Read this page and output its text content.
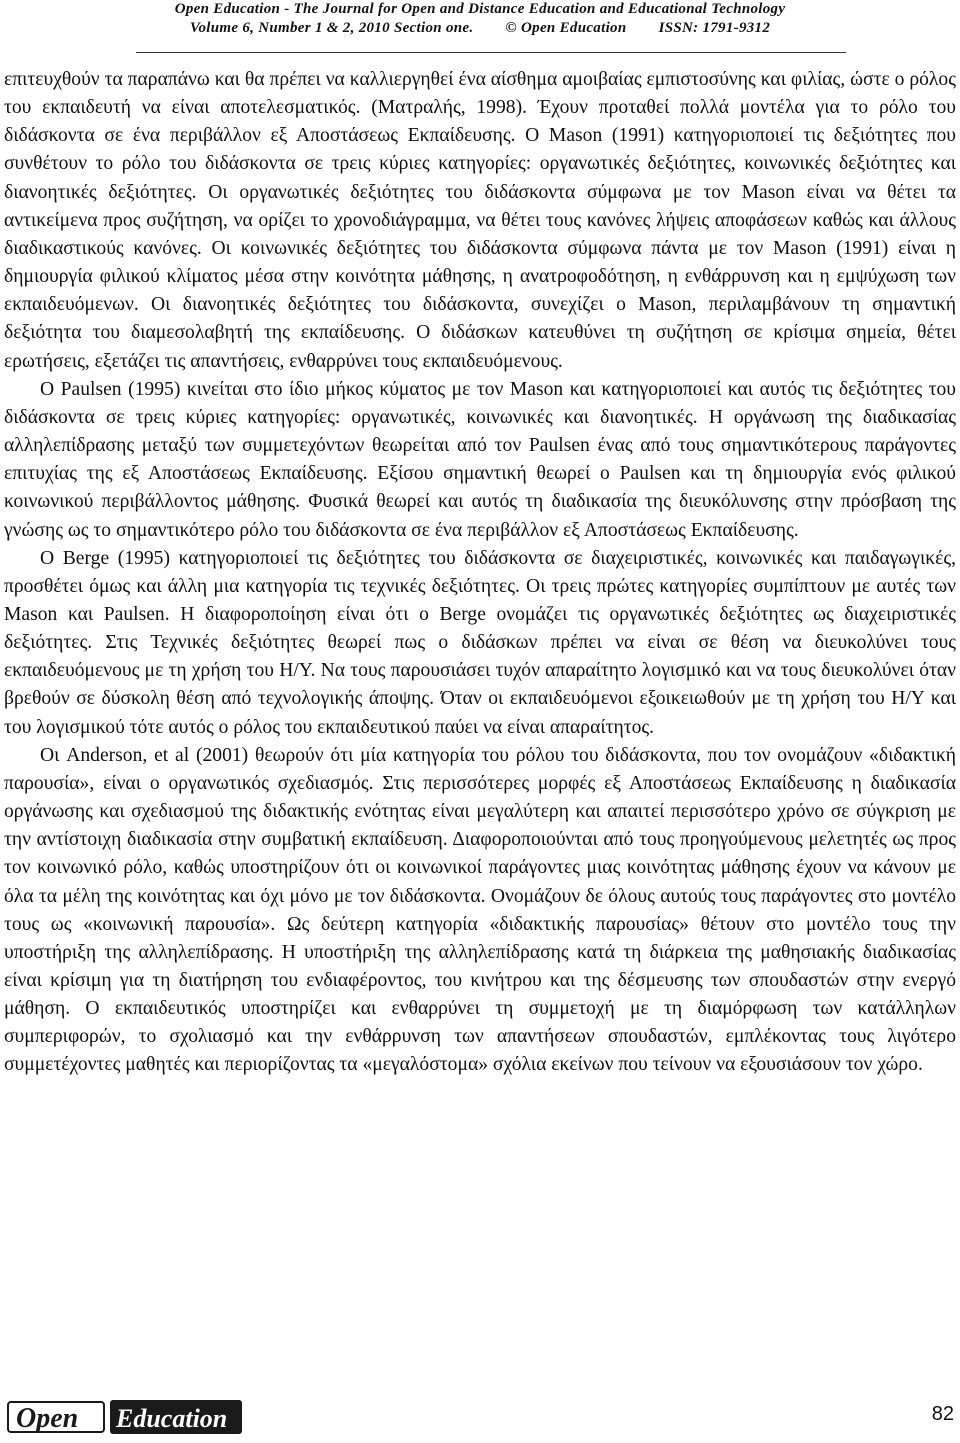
Open Education - The Journal for Open and Distance Education and Educational Technology
Volume 6, Number 1 & 2, 2010 Section one. © Open Education ISSN: 1791-9312

επιτευχθούν τα παραπάνω και θα πρέπει να καλλιεργηθεί ένα αίσθημα αμοιβαίας εμπιστοσύνης και φιλίας, ώστε ο ρόλος του εκπαιδευτή να είναι αποτελεσματικός. (Ματραλής, 1998). Έχουν προταθεί πολλά μοντέλα για το ρόλο του διδάσκοντα σε ένα περιβάλλον εξ Αποστάσεως Εκπαίδευσης. Ο Mason (1991) κατηγοριοποιεί τις δεξιότητες που συνθέτουν το ρόλο του διδάσκοντα σε τρεις κύριες κατηγορίες: οργανωτικές δεξιότητες, κοινωνικές δεξιότητες και διανοητικές δεξιότητες. Οι οργανωτικές δεξιότητες του διδάσκοντα σύμφωνα με τον Mason είναι να θέτει τα αντικείμενα προς συζήτηση, να ορίζει το χρονοδιάγραμμα, να θέτει τους κανόνες λήψεις αποφάσεων καθώς και άλλους διαδικαστικούς κανόνες. Οι κοινωνικές δεξιότητες του διδάσκοντα σύμφωνα πάντα με τον Mason (1991) είναι η δημιουργία φιλικού κλίματος μέσα στην κοινότητα μάθησης, η ανατροφοδότηση, η ενθάρρυνση και η εμψύχωση των εκπαιδευόμενων. Οι διανοητικές δεξιότητες του διδάσκοντα, συνεχίζει ο Mason, περιλαμβάνουν τη σημαντική δεξιότητα του διαμεσολαβητή της εκπαίδευσης. Ο διδάσκων κατευθύνει τη συζήτηση σε κρίσιμα σημεία, θέτει ερωτήσεις, εξετάζει τις απαντήσεις, ενθαρρύνει τους εκπαιδευόμενους.

Ο Paulsen (1995) κινείται στο ίδιο μήκος κύματος με τον Mason και κατηγοριοποιεί και αυτός τις δεξιότητες του διδάσκοντα σε τρεις κύριες κατηγορίες: οργανωτικές, κοινωνικές και διανοητικές. Η οργάνωση της διαδικασίας αλληλεπίδρασης μεταξύ των συμμετεχόντων θεωρείται από τον Paulsen ένας από τους σημαντικότερους παράγοντες επιτυχίας της εξ Αποστάσεως Εκπαίδευσης. Εξίσου σημαντική θεωρεί ο Paulsen και τη δημιουργία ενός φιλικού κοινωνικού περιβάλλοντος μάθησης. Φυσικά θεωρεί και αυτός τη διαδικασία της διευκόλυνσης στην πρόσβαση της γνώσης ως το σημαντικότερο ρόλο του διδάσκοντα σε ένα περιβάλλον εξ Αποστάσεως Εκπαίδευσης.

Ο Berge (1995) κατηγοριοποιεί τις δεξιότητες του διδάσκοντα σε διαχειριστικές, κοινωνικές και παιδαγωγικές, προσθέτει όμως και άλλη μια κατηγορία τις τεχνικές δεξιότητες. Οι τρεις πρώτες κατηγορίες συμπίπτουν με αυτές των Mason και Paulsen. Η διαφοροποίηση είναι ότι ο Berge ονομάζει τις οργανωτικές δεξιότητες ως διαχειριστικές δεξιότητες. Στις Τεχνικές δεξιότητες θεωρεί πως ο διδάσκων πρέπει να είναι σε θέση να διευκολύνει τους εκπαιδευόμενους με τη χρήση του Η/Υ. Να τους παρουσιάσει τυχόν απαραίτητο λογισμικό και να τους διευκολύνει όταν βρεθούν σε δύσκολη θέση από τεχνολογικής άποψης. Όταν οι εκπαιδευόμενοι εξοικειωθούν με τη χρήση του Η/Υ και του λογισμικού τότε αυτός ο ρόλος του εκπαιδευτικού παύει να είναι απαραίτητος.

Οι Anderson, et al (2001) θεωρούν ότι μία κατηγορία του ρόλου του διδάσκοντα, που τον ονομάζουν «διδακτική παρουσία», είναι ο οργανωτικός σχεδιασμός. Στις περισσότερες μορφές εξ Αποστάσεως Εκπαίδευσης η διαδικασία οργάνωσης και σχεδιασμού της διδακτικής ενότητας είναι μεγαλύτερη και απαιτεί περισσότερο χρόνο σε σύγκριση με την αντίστοιχη διαδικασία στην συμβατική εκπαίδευση. Διαφοροποιούνται από τους προηγούμενους μελετητές ως προς τον κοινωνικό ρόλο, καθώς υποστηρίζουν ότι οι κοινωνικοί παράγοντες μιας κοινότητας μάθησης έχουν να κάνουν με όλα τα μέλη της κοινότητας και όχι μόνο με τον διδάσκοντα. Ονομάζουν δε όλους αυτούς τους παράγοντες στο μοντέλο τους ως «κοινωνική παρουσία». Ως δεύτερη κατηγορία «διδακτικής παρουσίας» θέτουν στο μοντέλο τους την υποστήριξη της αλληλεπίδρασης. Η υποστήριξη της αλληλεπίδρασης κατά τη διάρκεια της μαθησιακής διαδικασίας είναι κρίσιμη για τη διατήρηση του ενδιαφέροντος, του κινήτρου και της δέσμευσης των σπουδαστών στην ενεργό μάθηση. Ο εκπαιδευτικός υποστηρίζει και ενθαρρύνει τη συμμετοχή με τη διαμόρφωση των κατάλληλων συμπεριφορών, το σχολιασμό και την ενθάρρυνση των απαντήσεων σπουδαστών, εμπλέκοντας τους λιγότερο συμμετέχοντες μαθητές και περιορίζοντας τα «μεγαλόστομα» σχόλια εκείνων που τείνουν να εξουσιάσουν τον χώρο.

Open Education	82
